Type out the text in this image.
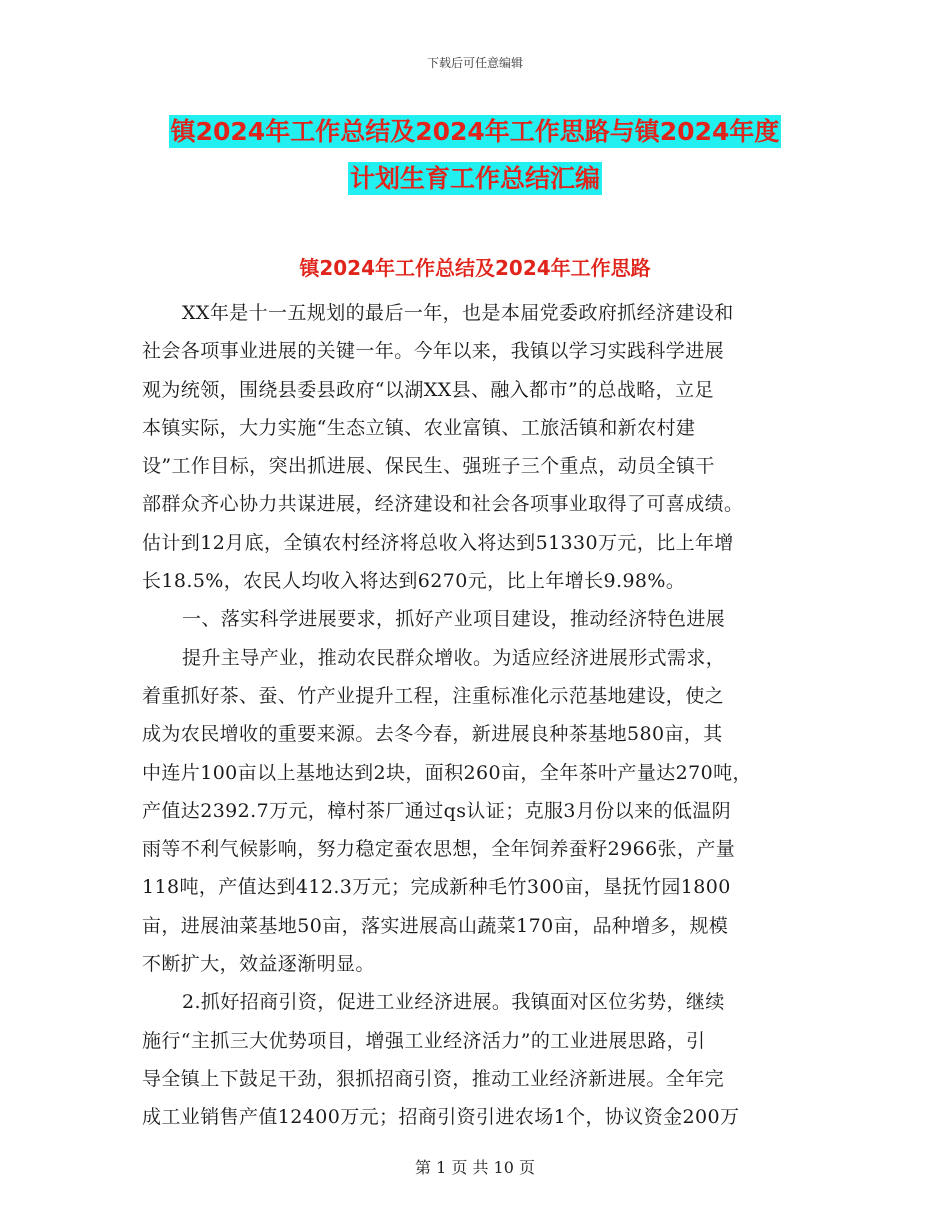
下载后可任意编辑
镇2024年工作总结及2024年工作思路与镇2024年度
计划生育工作总结汇编
镇2024年工作总结及2024年工作思路
XX年是十一五规划的最后一年，也是本届党委政府抓经济建设和
社会各项事业进展的关键一年。今年以来，我镇以学习实践科学进展
观为统领，围绕县委县政府“以湖XX县、融入都市”的总战略，立足
本镇实际，大力实施“生态立镇、农业富镇、工旅活镇和新农村建
设”工作目标，突出抓进展、保民生、强班子三个重点，动员全镇干
部群众齐心协力共谋进展，经济建设和社会各项事业取得了可喜成绩。
估计到12月底，全镇农村经济将总收入将达到51330万元，比上年增
长18.5%，农民人均收入将达到6270元，比上年增长9.98%。
一、落实科学进展要求，抓好产业项目建设，推动经济特色进展
提升主导产业，推动农民群众增收。为适应经济进展形式需求，
着重抓好茶、蚕、竹产业提升工程，注重标准化示范基地建设，使之
成为农民增收的重要来源。去冬今春，新进展良种茶基地580亩，其
中连片100亩以上基地达到2块，面积260亩，全年茶叶产量达270吨，
产值达2392.7万元，樟村茶厂通过qs认证；克服3月份以来的低温阴
雨等不利气候影响，努力稳定蚕农思想，全年饲养蚕籽2966张，产量
118吨，产值达到412.3万元；完成新种毛竹300亩，垦抚竹园1800
亩，进展油菜基地50亩，落实进展高山蔬菜170亩，品种增多，规模
不断扩大，效益逐渐明显。
2.抓好招商引资，促进工业经济进展。我镇面对区位劣势，继续
施行“主抓三大优势项目，增强工业经济活力”的工业进展思路，引
导全镇上下鼓足干劲，狠抓招商引资，推动工业经济新进展。全年完
成工业销售产值12400万元；招商引资引进农场1个，协议资金200万
第 1 页 共 10 页
